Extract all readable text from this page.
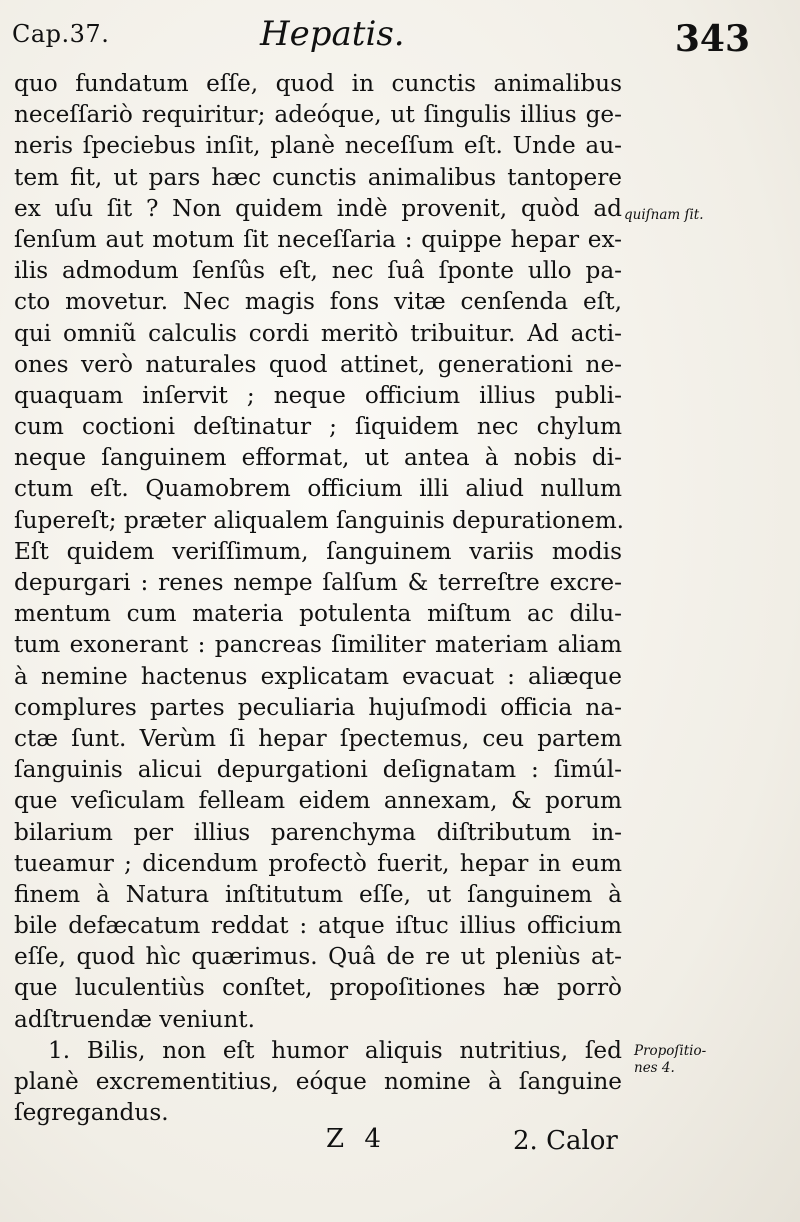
Cap.37.	Hepatis.	343
quo fundatum eſſe, quod in cunctis animalibus
neceſſariò requiritur; adeóque, ut ſingulis illius ge-
neris ſpeciebus inſit, planè neceſſum eſt. Unde au-
tem fit, ut pars hæc cunctis animalibus tantopere
ex uſu ſit ? Non quidem indè provenit, quòd ad
ſenſum aut motum ſit neceſſaria : quippe hepar ex-
ilis admodum ſenſûs eſt, nec ſuâ ſponte ullo pa-
cto movetur. Nec magis fons vitæ cenſenda eſt,
qui omniũ calculis cordi meritò tribuitur. Ad acti-
ones verò naturales quod attinet, generationi ne-
quaquam inſervit ; neque officium illius publi-
cum coctioni deſtinatur ; ſiquidem nec chylum
neque ſanguinem efformat, ut antea à nobis di-
ctum eſt. Quamobrem officium illi aliud nullum
ſupereſt; præter aliqualem ſanguinis depurationem.
Eſt quidem veriſſimum, ſanguinem variis modis
depurgari : renes nempe ſalſum & terreſtre excre-
mentum cum materia potulenta miſtum ac dilu-
tum exonerant : pancreas ſimiliter materiam aliam
à nemine hactenus explicatam evacuat : aliæque
complures partes peculiaria hujuſmodi officia na-
ctæ ſunt. Verùm ſi hepar ſpectemus, ceu partem
ſanguinis alicui depurgationi deſignatam : ſimúl-
que veſiculam felleam eidem annexam, & porum
bilarium per illius parenchyma diſtributum in-
tueamur ; dicendum profectò fuerit, hepar in eum
finem à Natura inſtitutum eſſe, ut ſanguinem à
bile defæcatum reddat : atque iſtuc illius officium
eſſe, quod hìc quærimus. Quâ de re ut pleniùs at-
que luculentiùs conſtet, propoſitiones hæ porrò
adſtruendæ veniunt.
1. Bilis, non eſt humor aliquis nutritius, ſed
planè excrementitius, eóque nomine à ſanguine
ſegregandus.
quiſnam ſit.
Propoſitio-
nes 4.
Z 4	2. Calor
